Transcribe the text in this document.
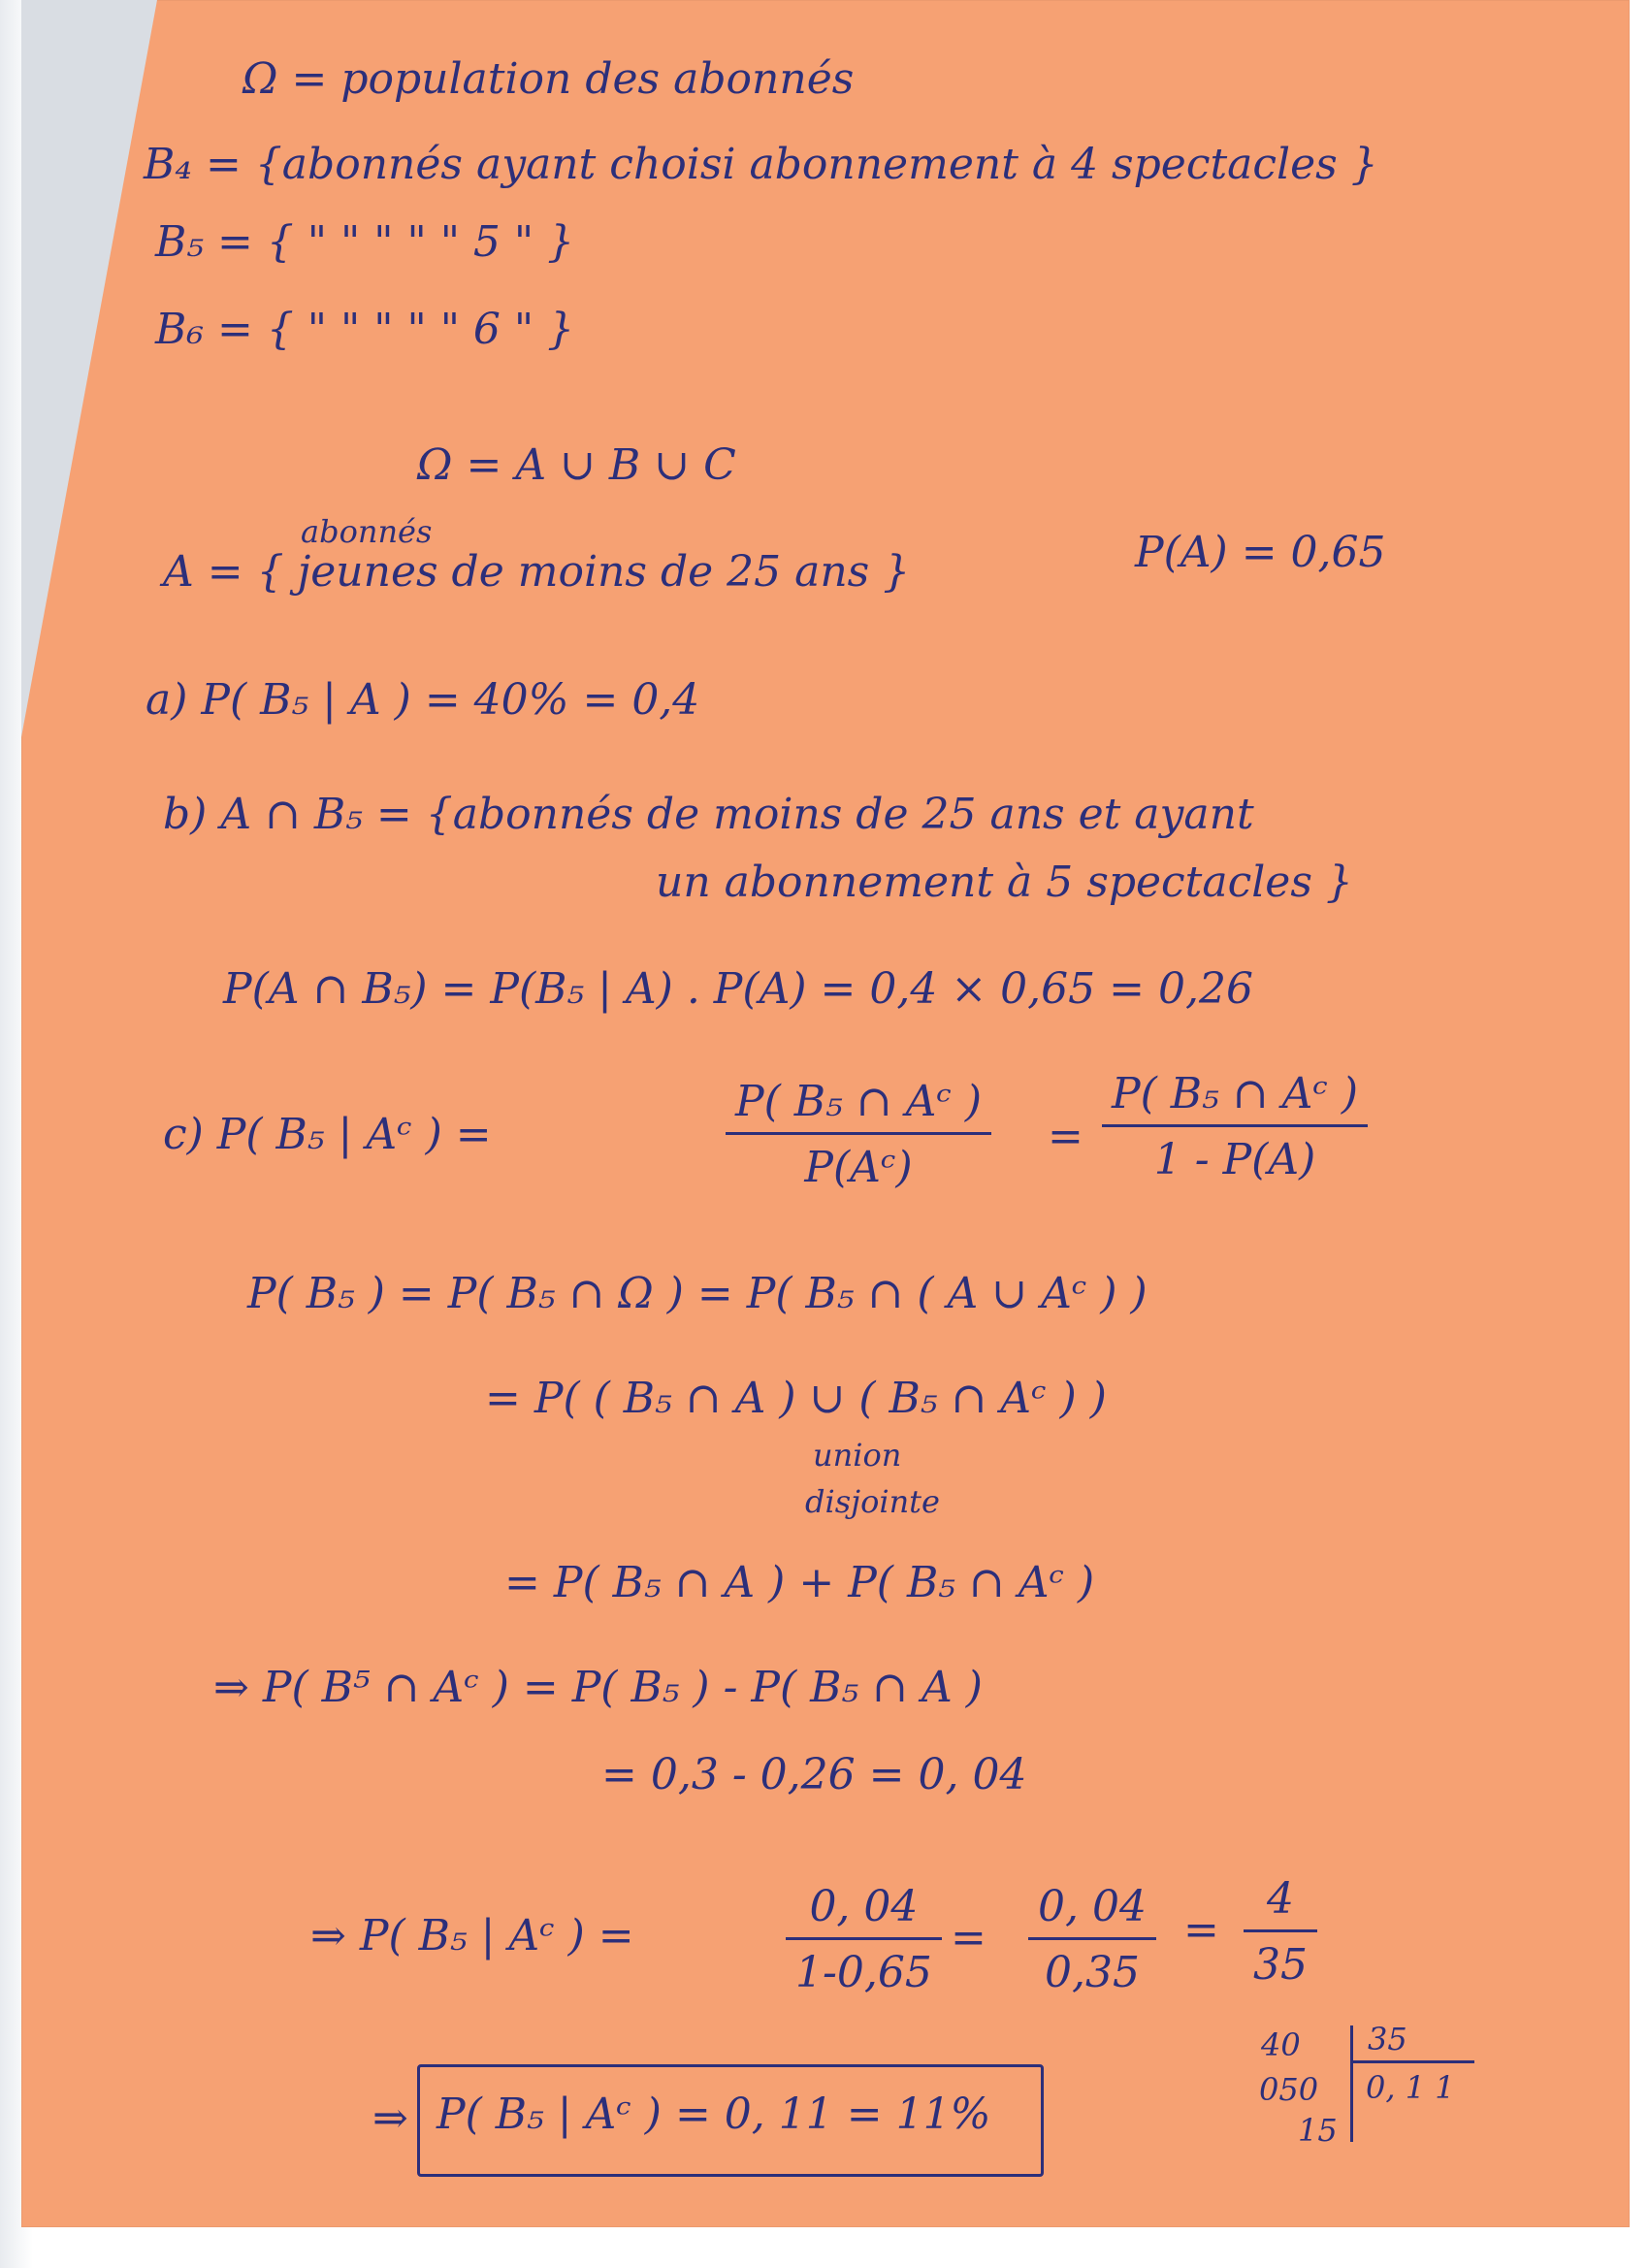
Ω = population des abonnés
B₄ = {abonnés ayant choisi abonnement à 4 spectacles }
B₅ = { " " " " " 5 " }
B₆ = { " " " " " 6 " }
Ω = A ∪ B ∪ C
abonnés
A = { jeunes de moins de 25 ans }	P(A) = 0,65
a) P( B₅ | A ) = 40% = 0,4
b) A ∩ B₅ = {abonnés de moins de 25 ans et ayant
un abonnement à 5 spectacles }
P(A ∩ B₅) = P(B₅ | A) . P(A) = 0,4 × 0,65 = 0,26
c) P( B₅ | Aᶜ ) =
P( B₅ ∩ Aᶜ )
P(Aᶜ)
=
P( B₅ ∩ Aᶜ )
1 - P(A)
P( B₅ ) = P( B₅ ∩ Ω ) = P( B₅ ∩ ( A ∪ Aᶜ ) )
= P( ( B₅ ∩ A ) ∪ ( B₅ ∩ Aᶜ ) )
union
disjointe
= P( B₅ ∩ A ) + P( B₅ ∩ Aᶜ )
⇒ P( B⁵ ∩ Aᶜ ) = P( B₅ ) - P( B₅ ∩ A )
= 0,3 - 0,26 = 0, 04
⇒ P( B₅ | Aᶜ ) =
0, 04
1-0,65
=
0, 04
0,35
=
4
35
⇒ P( B₅ | Aᶜ ) = 0, 11 = 11%
40 35
050 0, 1 1
15
